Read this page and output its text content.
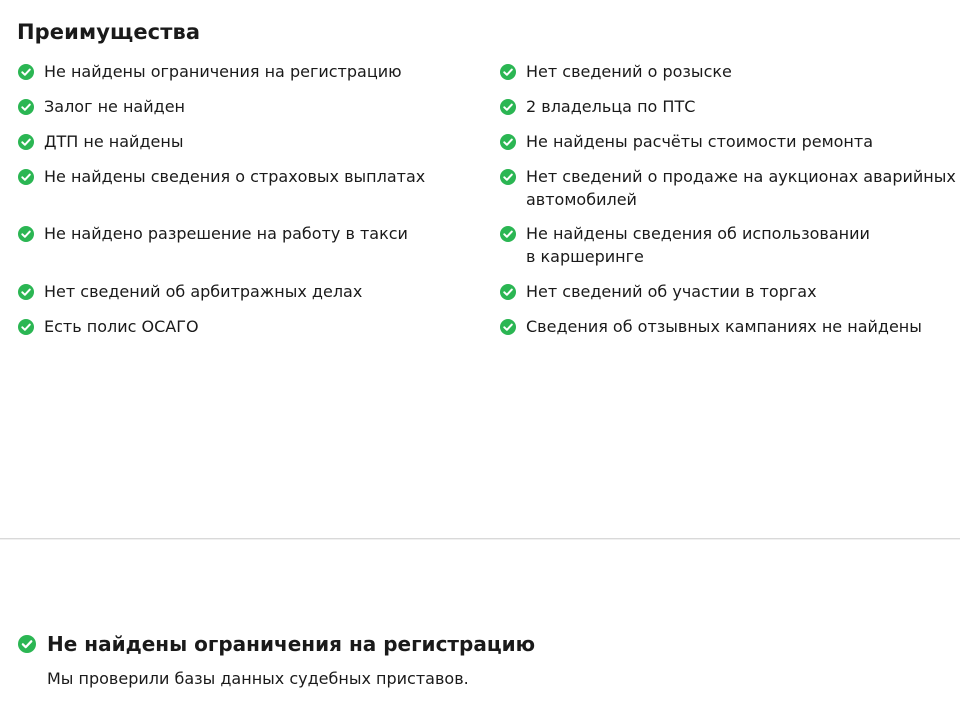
Преимущества
Не найдены ограничения на регистрацию
Залог не найден
ДТП не найдены
Не найдены сведения о страховых выплатах
Не найдено разрешение на работу в такси
Нет сведений об арбитражных делах
Есть полис ОСАГО
Нет сведений о розыске
2 владельца по ПТС
Не найдены расчёты стоимости ремонта
Нет сведений о продаже на аукционах аварийных
автомобилей
Не найдены сведения об использовании
в каршеринге
Нет сведений об участии в торгах
Сведения об отзывных кампаниях не найдены
Не найдены ограничения на регистрацию

Мы проверили базы данных судебных приставов.
